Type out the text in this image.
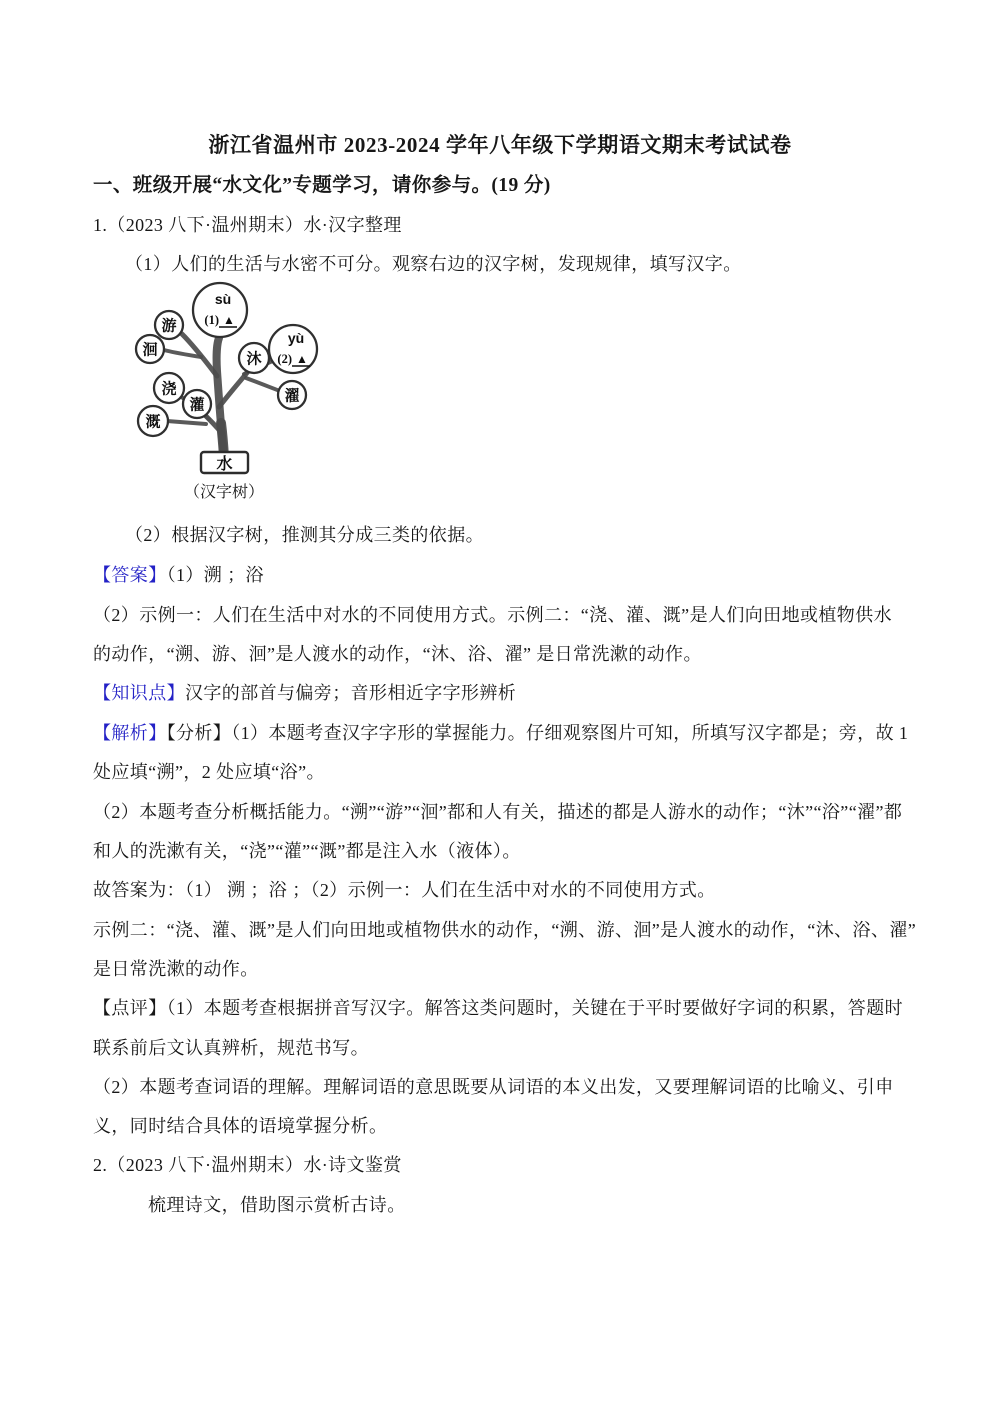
浙江省温州市 2023-2024 学年八年级下学期语文期末考试试卷
一、班级开展“水文化”专题学习，请你参与。(19 分)
1.（2023 八下·温州期末）水·汉字整理
（1）人们的生活与水密不可分。观察右边的汉字树，发现规律，填写汉字。
（2）根据汉字树，推测其分成三类的依据。
【答案】（1）溯 ；浴
（2）示例一：人们在生活中对水的不同使用方式。示例二：“浇、灌、溉”是人们向田地或植物供水
的动作，“溯、游、洄”是人渡水的动作，“沐、浴、濯” 是日常洗漱的动作。
【知识点】汉字的部首与偏旁；音形相近字字形辨析
【解析】【分析】（1）本题考查汉字字形的掌握能力。仔细观察图片可知，所填写汉字都是；旁，故 1
处应填“溯”，2 处应填“浴”。
（2）本题考查分析概括能力。“溯”“游”“洄”都和人有关，描述的都是人游水的动作；“沐”“浴”“濯”都
和人的洗漱有关，“浇”“灌”“溉”都是注入水（液体）。
故答案为：（1） 溯 ；浴 ；（2）示例一：人们在生活中对水的不同使用方式。
示例二：“浇、灌、溉”是人们向田地或植物供水的动作，“溯、游、洄”是人渡水的动作，“沐、浴、濯”
是日常洗漱的动作。
【点评】（1）本题考查根据拼音写汉字。解答这类问题时，关键在于平时要做好字词的积累，答题时
联系前后文认真辨析，规范书写。
（2）本题考查词语的理解。理解词语的意思既要从词语的本义出发，又要理解词语的比喻义、引申
义，同时结合具体的语境掌握分析。
2.（2023 八下·温州期末）水·诗文鉴赏
梳理诗文，借助图示赏析古诗。
sù
(1) ▲
yù
(2) ▲
游
洄
沐
濯
浇
灌
溉
水
（汉字树）
